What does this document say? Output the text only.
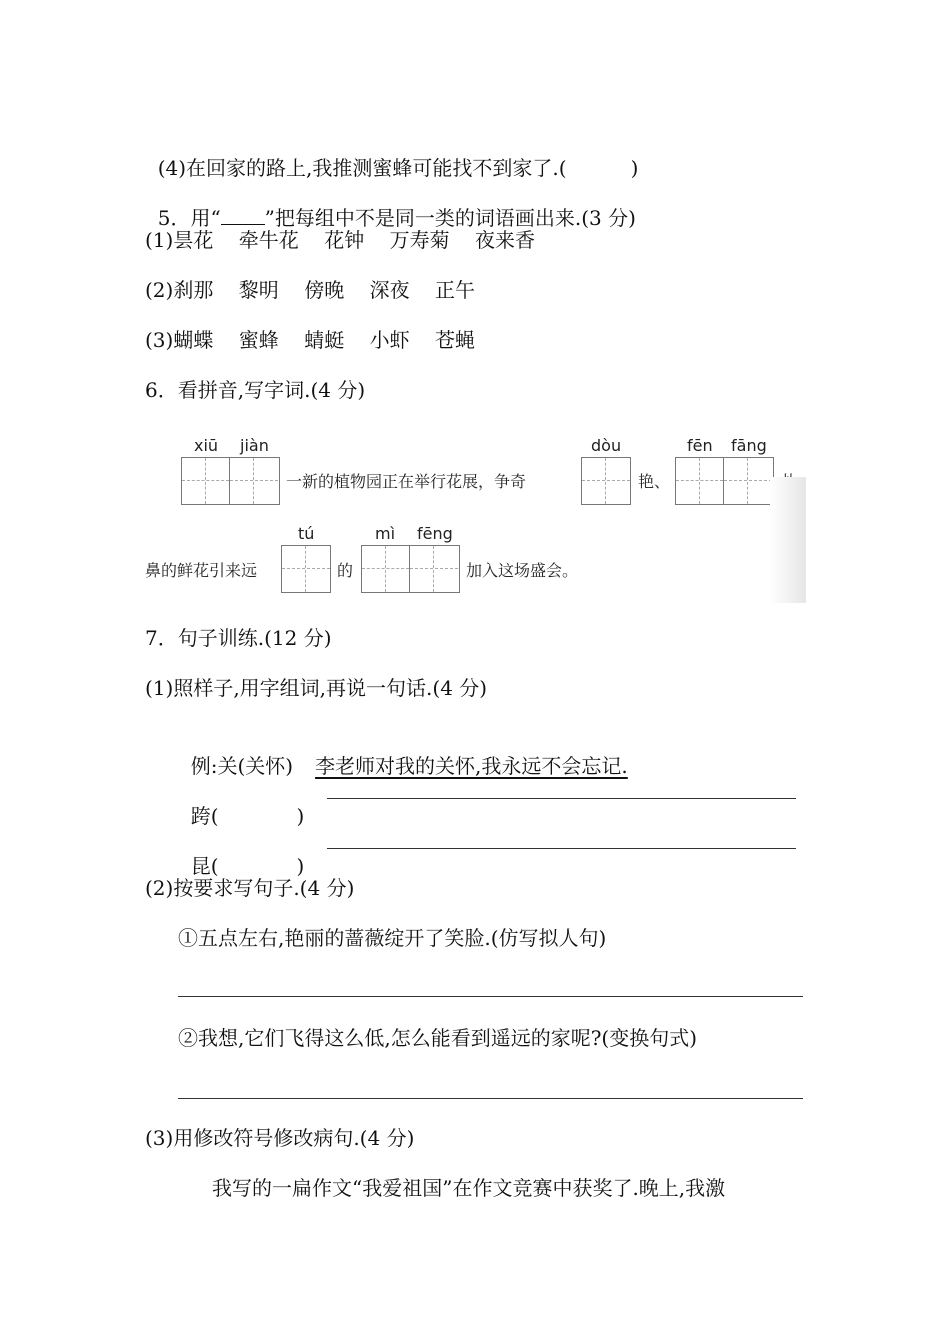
(4)在回家的路上,我推测蜜蜂可能找不到家了.(	)

5．用“ ”把每组中不是同一类的词语画出来.(3 分)

(1)昙花    牵牛花    花钟    万寿菊    夜来香
(2)刹那    黎明    傍晚    深夜    正午
(3)蝴蝶    蜜蜂    蜻蜓    小虾    苍蝇
6．看拼音,写字词.(4 分)
xiū jiàn
一新的植物园正在举行花展，争奇
dòu
艳、
fēn fāng
鼻的鲜花引来远
tú
的
mì fēng
加入这场盛会。
7．句子训练.(12 分)
(1)照样子,用字组词,再说一句话.(4 分)

例:关(关怀) 李老师对我的关怀,我永远不会忘记.

跨(	)

昆(	)

(2)按要求写句子.(4 分)
①五点左右,艳丽的蔷薇绽开了笑脸.(仿写拟人句)
②我想,它们飞得这么低,怎么能看到遥远的家呢?(变换句式)
(3)用修改符号修改病句.(4 分)
我写的一扁作文“我爱祖国”在作文竞赛中获奖了.晚上,我激
